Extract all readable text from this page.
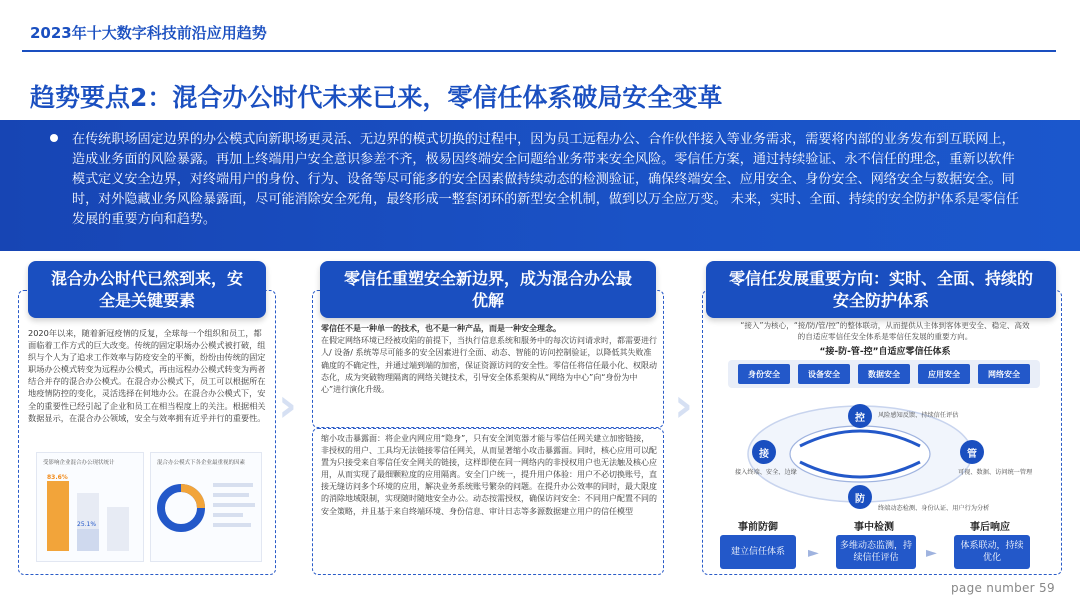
2023年十大数字科技前沿应用趋势
趋势要点2：混合办公时代未来已来，零信任体系破局安全变革

在传统职场固定边界的办公模式向新职场更灵活、无边界的模式切换的过程中，因为员工远程办公、合作伙伴接入等业务需求，需要将内部的业务发布到互联网上，造成业务面的风险暴露。再加上终端用户安全意识参差不齐，极易因终端安全问题给业务带来安全风险。零信任方案，通过持续验证、永不信任的理念，重新以软件模式定义安全边界，对终端用户的身份、行为、设备等尽可能多的安全因素做持续动态的检测验证，确保终端安全、应用安全、身份安全、网络安全与数据安全。同时，对外隐藏业务风险暴露面，尽可能消除安全死角，最终形成一整套闭环的新型安全机制，做到以万全应万变。 未来，实时、全面、持续的安全防护体系是零信任发展的重要方向和趋势。

混合办公时代已然到来，安全是关键要素
2020年以来，随着新冠疫情的反复，全球每一个组织和员工，都面临着工作方式的巨大改变。传统的固定职场办公模式被打破，组织与个人为了追求工作效率与防疫安全的平衡，纷纷由传统的固定职场办公模式转变为远程办公模式，再由远程办公模式转变为两者结合并存的混合办公模式。在混合办公模式下，员工可以根据所在地疫情防控的变化，灵活选择在何地办公。在混合办公模式下，安全的重要性已经引起了企业和员工在相当程度上的关注。根据相关数据显示，在混合办公领域，安全与效率拥有近乎并行的重要性。
受影响企业混合办公现状统计
83.6%
25.1%
混合办公模式下各企业最重视的因素
›
零信任重塑安全新边界，成为混合办公最优解
零信任不是一种单一的技术，也不是一种产品，而是一种安全理念。
在假定网络环境已经被攻陷的前提下，当执行信息系统和服务中的每次访问请求时，都需要进行人/ 设备/ 系统等尽可能多的安全因素进行全面、动态、智能的访问控制验证，以降低其失败准确度的不确定性，并通过端到端的加密，保证资源访问的安全性。零信任将信任最小化、权限动态化，成为突破物理隔离的网络关键技术，引导安全体系架构从“网络为中心”向“身份为中心”进行演化升级。
缩小攻击暴露面：将企业内网应用“隐身”，只有安全浏览器才能与零信任网关建立加密链接，非授权的用户、工具均无法链接零信任网关，从而显著缩小攻击暴露面。同时，核心应用可以配置为只接受来自零信任安全网关的链接，这样即使在同一网络内的非授权用户也无法触及核心应用，从而实现了最细颗粒度的应用隔离。安全门户统一，提升用户体验：用户不必切换账号，直接无缝访问多个环境的应用，解决业务系统账号繁杂的问题。在提升办公效率的同时，最大限度的消除地域限制，实现随时随地安全办公。动态按需授权，确保访问安全：不同用户配置不同的安全策略，并且基于来自终端环境、身份信息、审计日志等多源数据建立用户的信任模型
›
零信任发展重要方向：实时、全面、持续的安全防护体系
“接入”为核心，“接/防/管/控”的整体联动，从而提供从主体到客体更安全、稳定、高效的自适应零信任安全体系是零信任发展的重要方向。
“接-防-管-控”自适应零信任体系
身份安全	设备安全	数据安全	应用安全	网络安全
控
接	管
防
风险感知反馈、持续信任评估
接入终端、安全、边缘	可视、数据、访问统一管理
终端动态检测、身份认证、用户行为分析
事前防御	事中检测	事后响应
建立信任体系	►	多维动态监测，持续信任评估	►	体系联动，持续优化
page number 59
